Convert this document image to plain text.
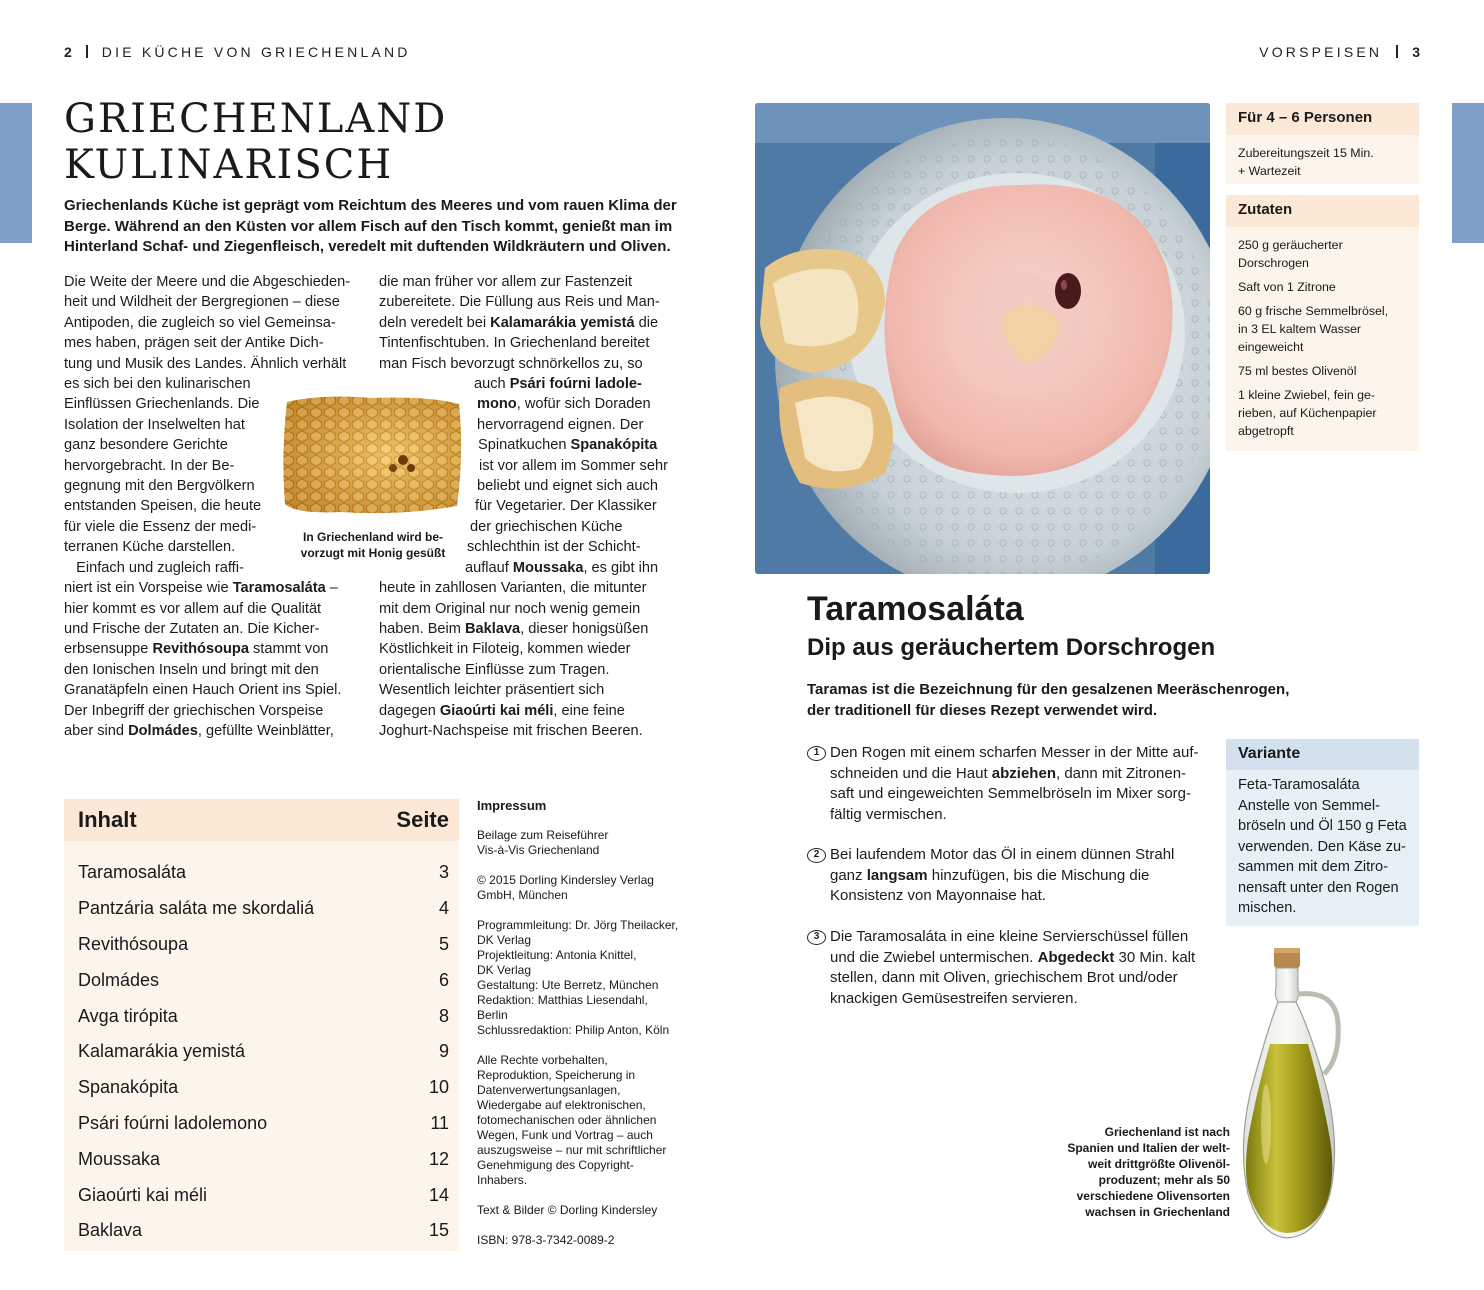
2 DIE KÜCHE VON GRIECHENLAND	VORSPEISEN 3
GRIECHENLAND
KULINARISCH

Griechenlands Küche ist geprägt vom Reichtum des Meeres und vom rauen Klima der Berge. Während an den Küsten vor allem Fisch auf den Tisch kommt, genießt man im Hinterland Schaf- und Ziegenfleisch, veredelt mit duftenden Wildkräutern und Oliven.

Die Weite der Meere und die Abgeschieden-
heit und Wildheit der Bergregionen – diese
Antipoden, die zugleich so viel Gemeinsa-
mes haben, prägen seit der Antike Dich-
tung und Musik des Landes. Ähnlich verhält
es sich bei den kulinarischen
Einflüssen Griechenlands. Die
Isolation der Inselwelten hat
ganz besondere Gerichte
hervorgebracht. In der Be-
gegnung mit den Bergvölkern
entstanden Speisen, die heute
für viele die Essenz der medi-
terranen Küche darstellen.
Einfach und zugleich raffi-
niert ist ein Vorspeise wie Taramosaláta –
hier kommt es vor allem auf die Qualität
und Frische der Zutaten an. Die Kicher-
erbsensuppe Revithósoupa stammt von
den Ionischen Inseln und bringt mit den
Granatäpfeln einen Hauch Orient ins Spiel.
Der Inbegriff der griechischen Vorspeise
aber sind Dolmádes, gefüllte Weinblätter,
die man früher vor allem zur Fastenzeit
zubereitete. Die Füllung aus Reis und Man-
deln veredelt bei Kalamarákia yemistá die
Tintenfischtuben. In Griechenland bereitet
man Fisch bevorzugt schnörkellos zu, so
auch Psári foúrni ladole-
mono, wofür sich Doraden
hervorragend eignen. Der
Spinatkuchen Spanakópita
ist vor allem im Sommer sehr
beliebt und eignet sich auch
für Vegetarier. Der Klassiker
der griechischen Küche
schlechthin ist der Schicht-
auflauf Moussaka, es gibt ihn
heute in zahllosen Varianten, die mitunter
mit dem Original nur noch wenig gemein
haben. Beim Baklava, dieser honigsüßen
Köstlichkeit in Filoteig, kommen wieder
orientalische Einflüsse zum Tragen.
Wesentlich leichter präsentiert sich
dagegen Giaoúrti kai méli, eine feine
Joghurt-Nachspeise mit frischen Beeren.
In Griechenland wird be-
vorzugt mit Honig gesüßt
Inhalt	Seite
Taramosaláta	3
Pantzária saláta me skordaliá	4
Revithósoupa	5
Dolmádes	6
Avga tirópita	8
Kalamarákia yemistá	9
Spanakópita	10
Psári foúrni ladolemono	11
Moussaka	12
Giaoúrti kai méli	14
Baklava	15
Impressum

Beilage zum Reiseführer
Vis-à-Vis Griechenland

© 2015 Dorling Kindersley Verlag
GmbH, München

Programmleitung: Dr. Jörg Theilacker,
DK Verlag
Projektleitung: Antonia Knittel,
DK Verlag
Gestaltung: Ute Berretz, München
Redaktion: Matthias Liesendahl,
Berlin
Schlussredaktion: Philip Anton, Köln

Alle Rechte vorbehalten,
Reproduktion, Speicherung in
Datenverwertungsanlagen,
Wiedergabe auf elektronischen,
fotomechanischen oder ähnlichen
Wegen, Funk und Vortrag – auch
auszugsweise – nur mit schriftlicher
Genehmigung des Copyright-
Inhabers.

Text & Bilder © Dorling Kindersley

ISBN: 978-3-7342-0089-2

Für 4 – 6 Personen
Zubereitungszeit 15 Min.
+ Wartezeit
Zutaten

250 g geräucherter
Dorschrogen

Saft von 1 Zitrone

60 g frische Semmelbrösel,
in 3 EL kaltem Wasser
eingeweicht

75 ml bestes Olivenöl

1 kleine Zwiebel, fein ge-
rieben, auf Küchenpapier
abgetropft

Taramosaláta
Dip aus geräuchertem Dorschrogen

Taramas ist die Bezeichnung für den gesalzenen Meeräschenrogen,
der traditionell für dieses Rezept verwendet wird.

1 Den Rogen mit einem scharfen Messer in der Mitte auf-
schneiden und die Haut abziehen, dann mit Zitronen-
saft und eingeweichten Semmelbröseln im Mixer sorg-
fältig vermischen.
2 Bei laufendem Motor das Öl in einem dünnen Strahl
ganz langsam hinzufügen, bis die Mischung die
Konsistenz von Mayonnaise hat.
3 Die Taramosaláta in eine kleine Servierschüssel füllen
und die Zwiebel untermischen. Abgedeckt 30 Min. kalt
stellen, dann mit Oliven, griechischem Brot und/oder
knackigen Gemüsestreifen servieren.
Variante
Feta-Taramosaláta
Anstelle von Semmel-
bröseln und Öl 150 g Feta
verwenden. Den Käse zu-
sammen mit dem Zitro-
nensaft unter den Rogen
mischen.
Griechenland ist nach
Spanien und Italien der welt-
weit drittgrößte Olivenöl-
produzent; mehr als 50
verschiedene Olivensorten
wachsen in Griechenland
